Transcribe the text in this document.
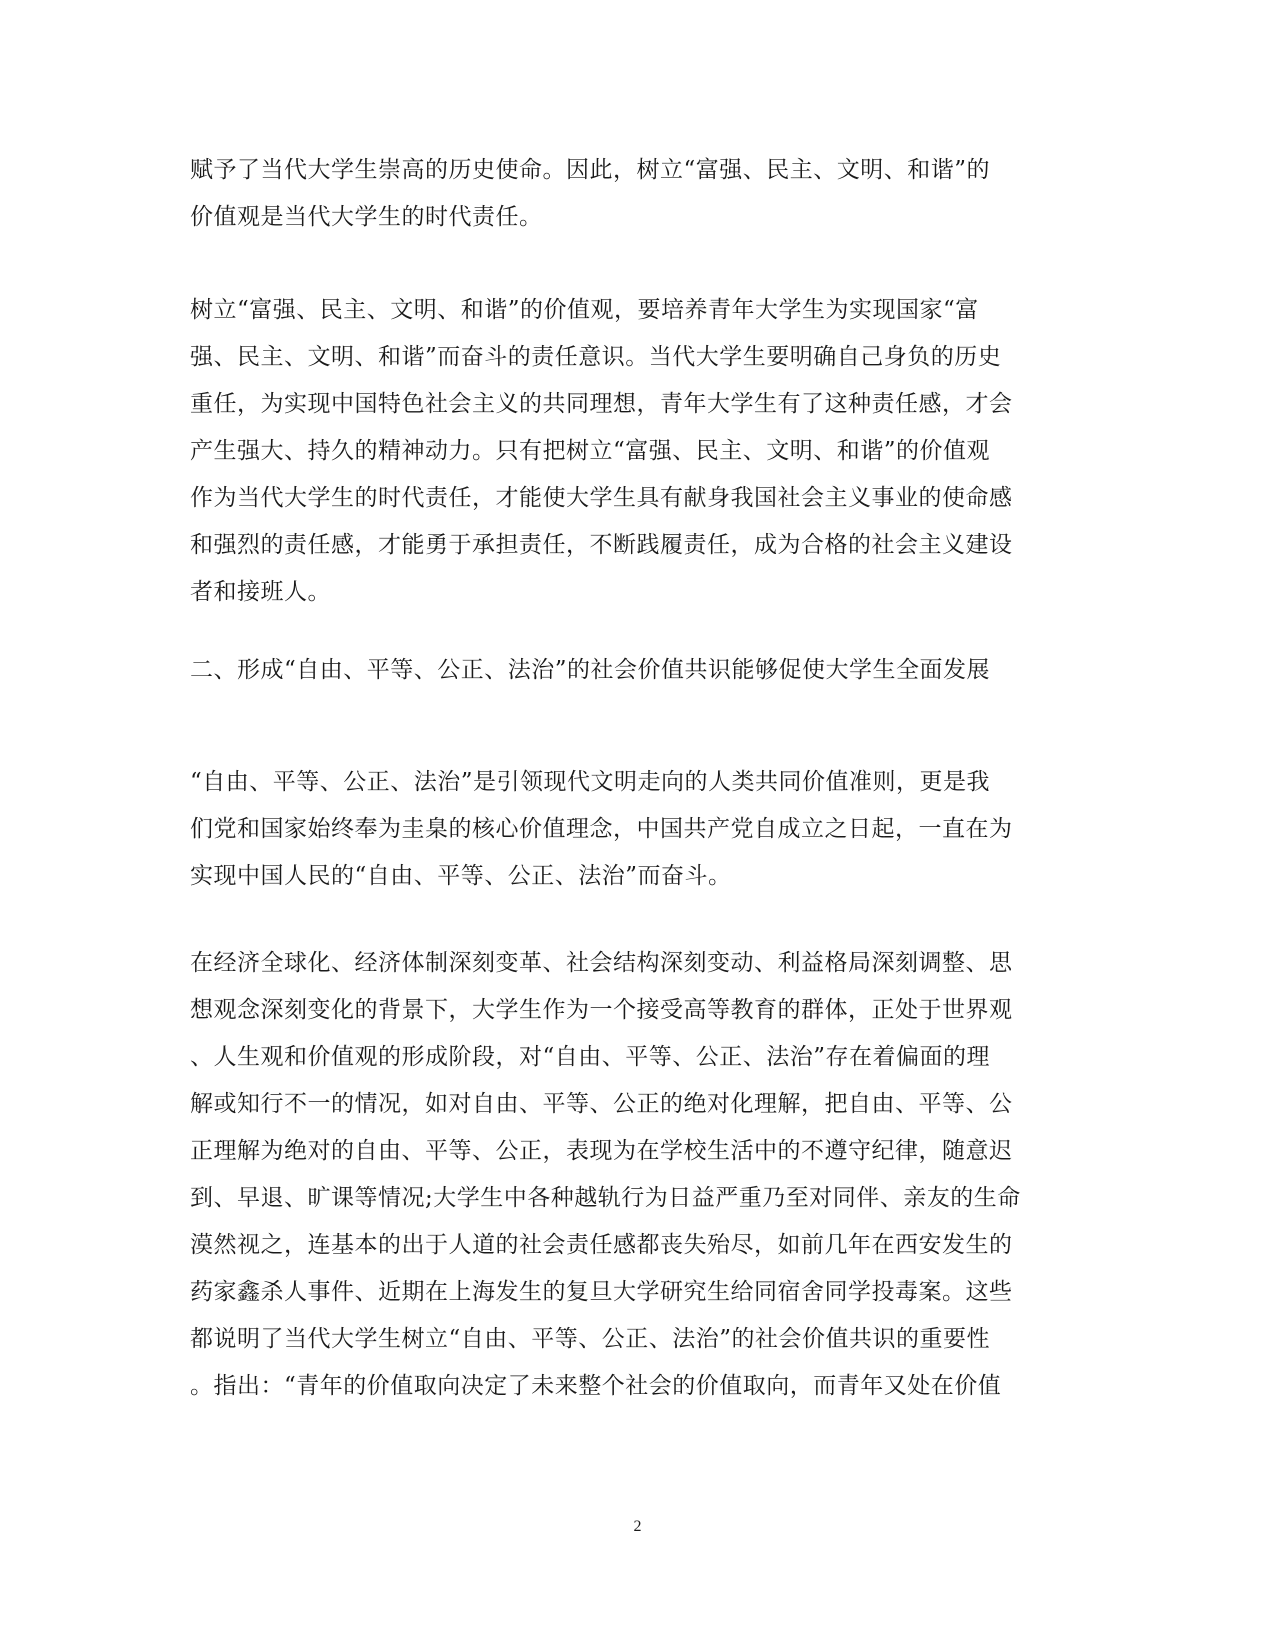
赋予了当代大学生崇高的历史使命。因此，树立“富强、民主、文明、和谐”的
价值观是当代大学生的时代责任。
树立“富强、民主、文明、和谐”的价值观，要培养青年大学生为实现国家“富
强、民主、文明、和谐”而奋斗的责任意识。当代大学生要明确自己身负的历史
重任，为实现中国特色社会主义的共同理想，青年大学生有了这种责任感，才会
产生强大、持久的精神动力。只有把树立“富强、民主、文明、和谐”的价值观
作为当代大学生的时代责任，才能使大学生具有献身我国社会主义事业的使命感
和强烈的责任感，才能勇于承担责任，不断践履责任，成为合格的社会主义建设
者和接班人。
二、形成“自由、平等、公正、法治”的社会价值共识能够促使大学生全面发展
“自由、平等、公正、法治”是引领现代文明走向的人类共同价值准则，更是我
们党和国家始终奉为圭臬的核心价值理念，中国共产党自成立之日起，一直在为
实现中国人民的“自由、平等、公正、法治”而奋斗。
在经济全球化、经济体制深刻变革、社会结构深刻变动、利益格局深刻调整、思
想观念深刻变化的背景下，大学生作为一个接受高等教育的群体，正处于世界观
、人生观和价值观的形成阶段，对“自由、平等、公正、法治”存在着偏面的理
解或知行不一的情况，如对自由、平等、公正的绝对化理解，把自由、平等、公
正理解为绝对的自由、平等、公正，表现为在学校生活中的不遵守纪律，随意迟
到、早退、旷课等情况;大学生中各种越轨行为日益严重乃至对同伴、亲友的生命
漠然视之，连基本的出于人道的社会责任感都丧失殆尽，如前几年在西安发生的
药家鑫杀人事件、近期在上海发生的复旦大学研究生给同宿舍同学投毒案。这些
都说明了当代大学生树立“自由、平等、公正、法治”的社会价值共识的重要性
。指出：“青年的价值取向决定了未来整个社会的价值取向，而青年又处在价值
2
